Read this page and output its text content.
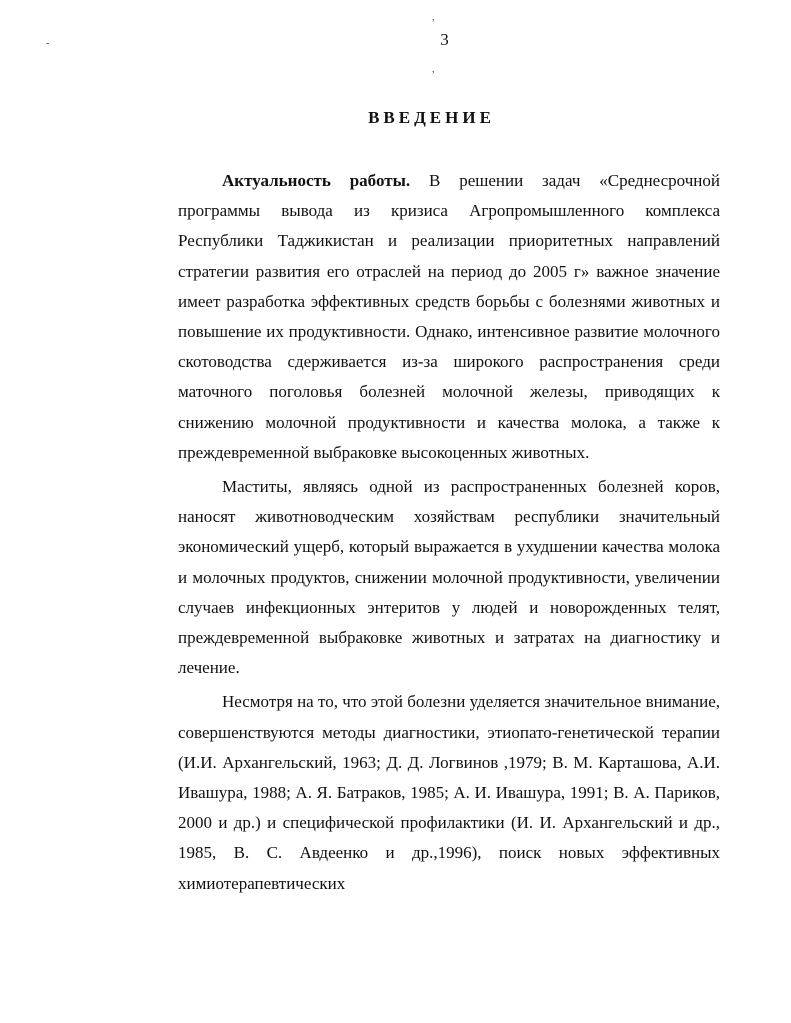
,
-
,
3
ВВЕДЕНИЕ

Актуальность работы. В решении задач «Среднесрочной программы вывода из кризиса Агропромышленного комплекса Республики Таджикистан и реализации приоритетных направлений стратегии развития его отраслей на период до 2005 г» важное значение имеет разработка эффективных средств борьбы с болезнями животных и повышение их продуктивности. Однако, интенсивное развитие молочного скотоводства сдерживается из-за широкого распространения среди маточного поголовья болезней молочной железы, приводящих к снижению молочной продуктивности и качества молока, а также к преждевременной выбраковке высокоценных животных.

Маститы, являясь одной из распространенных болезней коров, наносят животноводческим хозяйствам республики значительный экономический ущерб, который выражается в ухудшении качества молока и молочных продуктов, снижении молочной продуктивности, увеличении случаев инфекционных энтеритов у людей и новорожденных телят, преждевременной выбраковке животных и затратах на диагностику и лечение.

Несмотря на то, что этой болезни уделяется значительное внимание, совершенствуются методы диагностики, этиопато-генетической терапии (И.И. Архангельский, 1963; Д. Д. Логвинов ,1979; В. М. Карташова, А.И. Ивашура, 1988; А. Я. Батраков, 1985; А. И. Ивашура, 1991; В. А. Париков, 2000 и др.) и специфической профилактики (И. И. Архангельский и др., 1985, В. С. Авдеенко и др.,1996), поиск новых эффективных химиотерапевтических
